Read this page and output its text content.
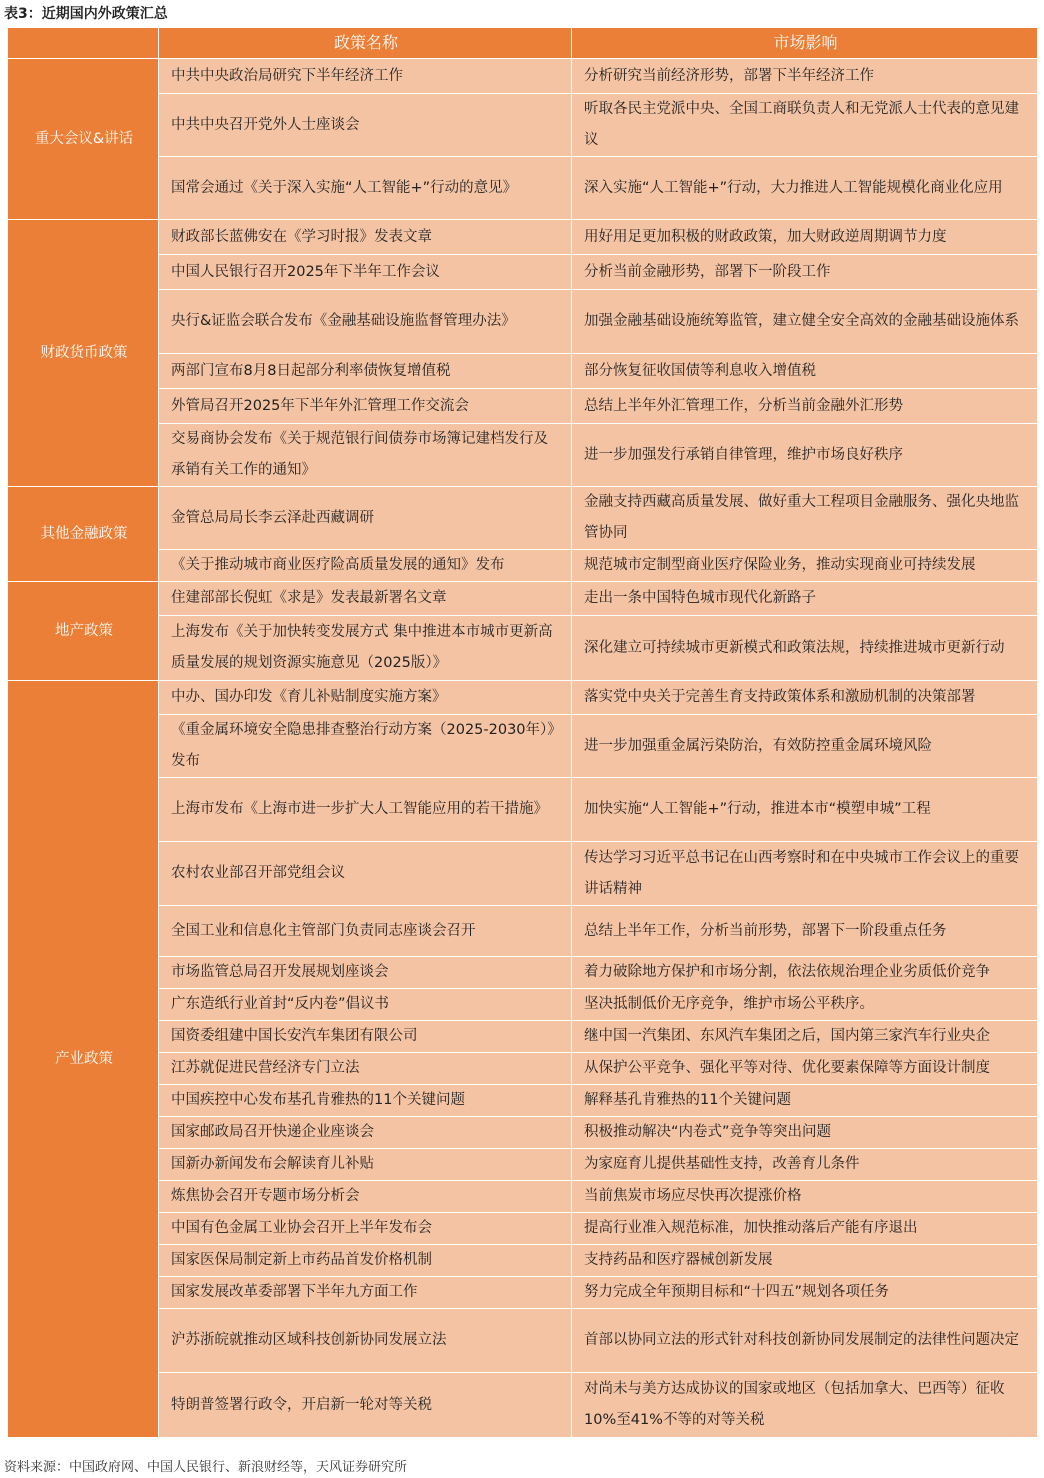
表3：近期国内外政策汇总
	政策名称	市场影响
重大会议&讲话	中共中央政治局研究下半年经济工作	分析研究当前经济形势，部署下半年经济工作
	中共中央召开党外人士座谈会	听取各民主党派中央、全国工商联负责人和无党派人士代表的意见建议
	国常会通过《关于深入实施“人工智能+”行动的意见》	深入实施“人工智能+”行动，大力推进人工智能规模化商业化应用
财政货币政策	财政部长蓝佛安在《学习时报》发表文章	用好用足更加积极的财政政策，加大财政逆周期调节力度
	中国人民银行召开2025年下半年工作会议	分析当前金融形势，部署下一阶段工作
	央行&证监会联合发布《金融基础设施监督管理办法》	加强金融基础设施统筹监管，建立健全安全高效的金融基础设施体系
	两部门宣布8月8日起部分利率债恢复增值税	部分恢复征收国债等利息收入增值税
	外管局召开2025年下半年外汇管理工作交流会	总结上半年外汇管理工作，分析当前金融外汇形势
	交易商协会发布《关于规范银行间债券市场簿记建档发行及承销有关工作的通知》	进一步加强发行承销自律管理，维护市场良好秩序
其他金融政策	金管总局局长李云泽赴西藏调研	金融支持西藏高质量发展、做好重大工程项目金融服务、强化央地监管协同
	《关于推动城市商业医疗险高质量发展的通知》发布	规范城市定制型商业医疗保险业务，推动实现商业可持续发展
地产政策	住建部部长倪虹《求是》发表最新署名文章	走出一条中国特色城市现代化新路子
	上海发布《关于加快转变发展方式 集中推进本市城市更新高质量发展的规划资源实施意见（2025版）》	深化建立可持续城市更新模式和政策法规，持续推进城市更新行动
产业政策	中办、国办印发《育儿补贴制度实施方案》	落实党中央关于完善生育支持政策体系和激励机制的决策部署
	《重金属环境安全隐患排查整治行动方案（2025-2030年）》发布	进一步加强重金属污染防治，有效防控重金属环境风险
	上海市发布《上海市进一步扩大人工智能应用的若干措施》	加快实施“人工智能+”行动，推进本市“模塑申城”工程
	农村农业部召开部党组会议	传达学习习近平总书记在山西考察时和在中央城市工作会议上的重要讲话精神
	全国工业和信息化主管部门负责同志座谈会召开	总结上半年工作，分析当前形势，部署下一阶段重点任务
	市场监管总局召开发展规划座谈会	着力破除地方保护和市场分割，依法依规治理企业劣质低价竞争
	广东造纸行业首封“反内卷”倡议书	坚决抵制低价无序竞争，维护市场公平秩序。
	国资委组建中国长安汽车集团有限公司	继中国一汽集团、东风汽车集团之后，国内第三家汽车行业央企
	江苏就促进民营经济专门立法	从保护公平竞争、强化平等对待、优化要素保障等方面设计制度
	中国疾控中心发布基孔肯雅热的11个关键问题	解释基孔肯雅热的11个关键问题
	国家邮政局召开快递企业座谈会	积极推动解决“内卷式”竞争等突出问题
	国新办新闻发布会解读育儿补贴	为家庭育儿提供基础性支持，改善育儿条件
	炼焦协会召开专题市场分析会	当前焦炭市场应尽快再次提涨价格
	中国有色金属工业协会召开上半年发布会	提高行业准入规范标准，加快推动落后产能有序退出
	国家医保局制定新上市药品首发价格机制	支持药品和医疗器械创新发展
	国家发展改革委部署下半年九方面工作	努力完成全年预期目标和“十四五”规划各项任务
	沪苏浙皖就推动区域科技创新协同发展立法	首部以协同立法的形式针对科技创新协同发展制定的法律性问题决定
	特朗普签署行政令，开启新一轮对等关税	对尚未与美方达成协议的国家或地区（包括加拿大、巴西等）征收10%至41%不等的对等关税
资料来源：中国政府网、中国人民银行、新浪财经等，天风证券研究所
